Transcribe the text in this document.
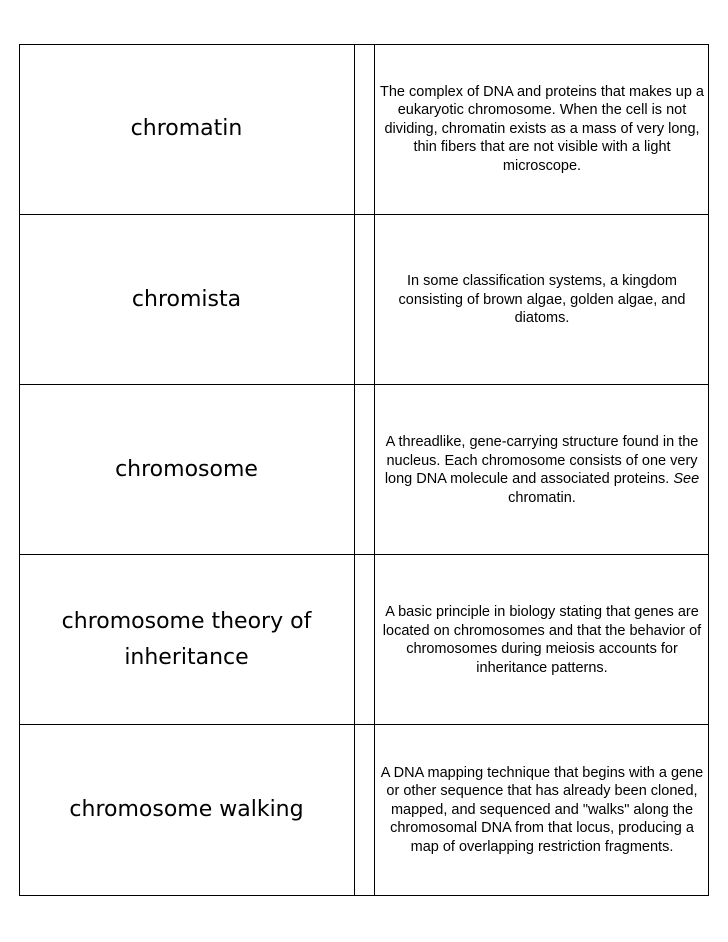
chromatin
The complex of DNA and proteins that makes up a eukaryotic chromosome. When the cell is not dividing, chromatin exists as a mass of very long, thin fibers that are not visible with a light microscope.
chromista
In some classification systems, a kingdom consisting of brown algae, golden algae, and diatoms.
chromosome
A threadlike, gene-carrying structure found in the nucleus. Each chromosome consists of one very long DNA molecule and associated proteins. See chromatin.
chromosome theory of inheritance
A basic principle in biology stating that genes are located on chromosomes and that the behavior of chromosomes during meiosis accounts for inheritance patterns.
chromosome walking
A DNA mapping technique that begins with a gene or other sequence that has already been cloned, mapped, and sequenced and "walks" along the chromosomal DNA from that locus, producing a map of overlapping restriction fragments.
